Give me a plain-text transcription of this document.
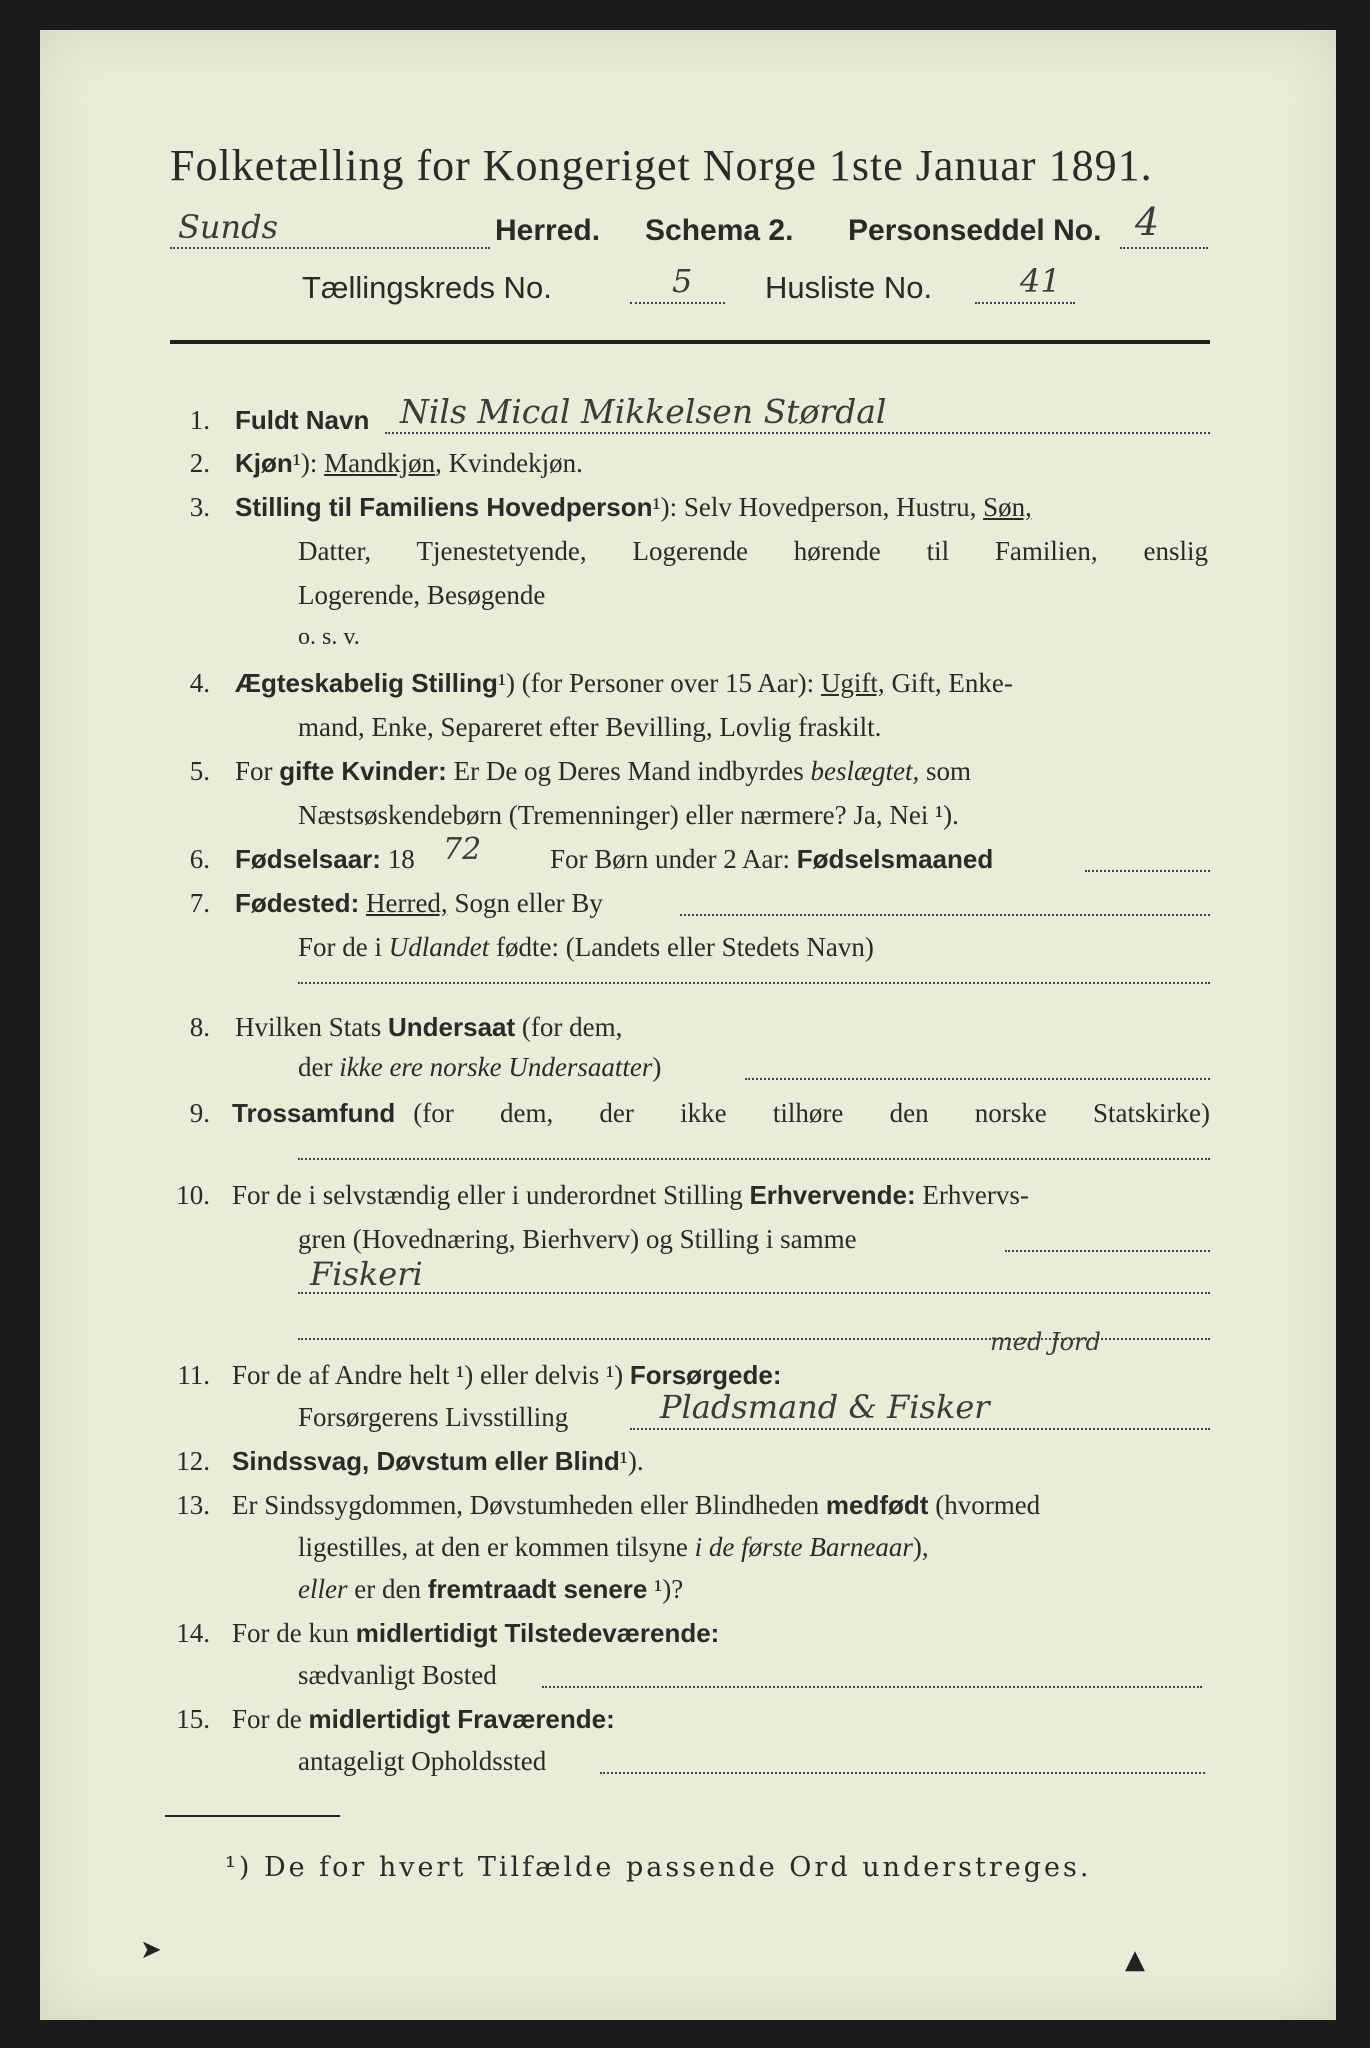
Folketælling for Kongeriget Norge 1ste Januar 1891.
Sunds	Herred. Schema 2. Personseddel No. 4
Tællingskreds No.	5 Husliste No.	41
1. Fuldt Navn Nils Mical Mikkelsen Størdal
2. Kjøn¹): Mandkjøn, Kvindekjøn.
3. Stilling til Familiens Hovedperson¹): Selv Hovedperson, Hustru, Søn,
Datter, Tjenestetyende, Logerende hørende til Familien, enslig
Logerende, Besøgende
o. s. v.
4. Ægteskabelig Stilling¹) (for Personer over 15 Aar): Ugift, Gift, Enke-
mand, Enke, Separeret efter Bevilling, Lovlig fraskilt.
5. For gifte Kvinder: Er De og Deres Mand indbyrdes beslægtet, som
Næstsøskendebørn (Tremenninger) eller nærmere? Ja, Nei ¹).
6. Fødselsaar: 18 72	For Børn under 2 Aar: Fødselsmaaned
7. Fødested: Herred, Sogn eller By
For de i Udlandet fødte: (Landets eller Stedets Navn)
8. Hvilken Stats Undersaat (for dem,
der ikke ere norske Undersaatter)
9. Trossamfund (for dem, der ikke tilhøre den norske Statskirke)
10. For de i selvstændig eller i underordnet Stilling Erhvervende: Erhvervs-
gren (Hovednæring, Bierhverv) og Stilling i samme
Fiskeri
11. For de af Andre helt ¹) eller delvis ¹) Forsørgede:
med Jord
Forsørgerens Livsstilling	Pladsmand & Fisker
12. Sindssvag, Døvstum eller Blind¹).
13. Er Sindssygdommen, Døvstumheden eller Blindheden medfødt (hvormed
ligestilles, at den er kommen tilsyne i de første Barneaar),
eller er den fremtraadt senere ¹)?
14. For de kun midlertidigt Tilstedeværende:
sædvanligt Bosted
15. For de midlertidigt Fraværende:
antageligt Opholdssted
¹) De for hvert Tilfælde passende Ord understreges.
➤	▲
